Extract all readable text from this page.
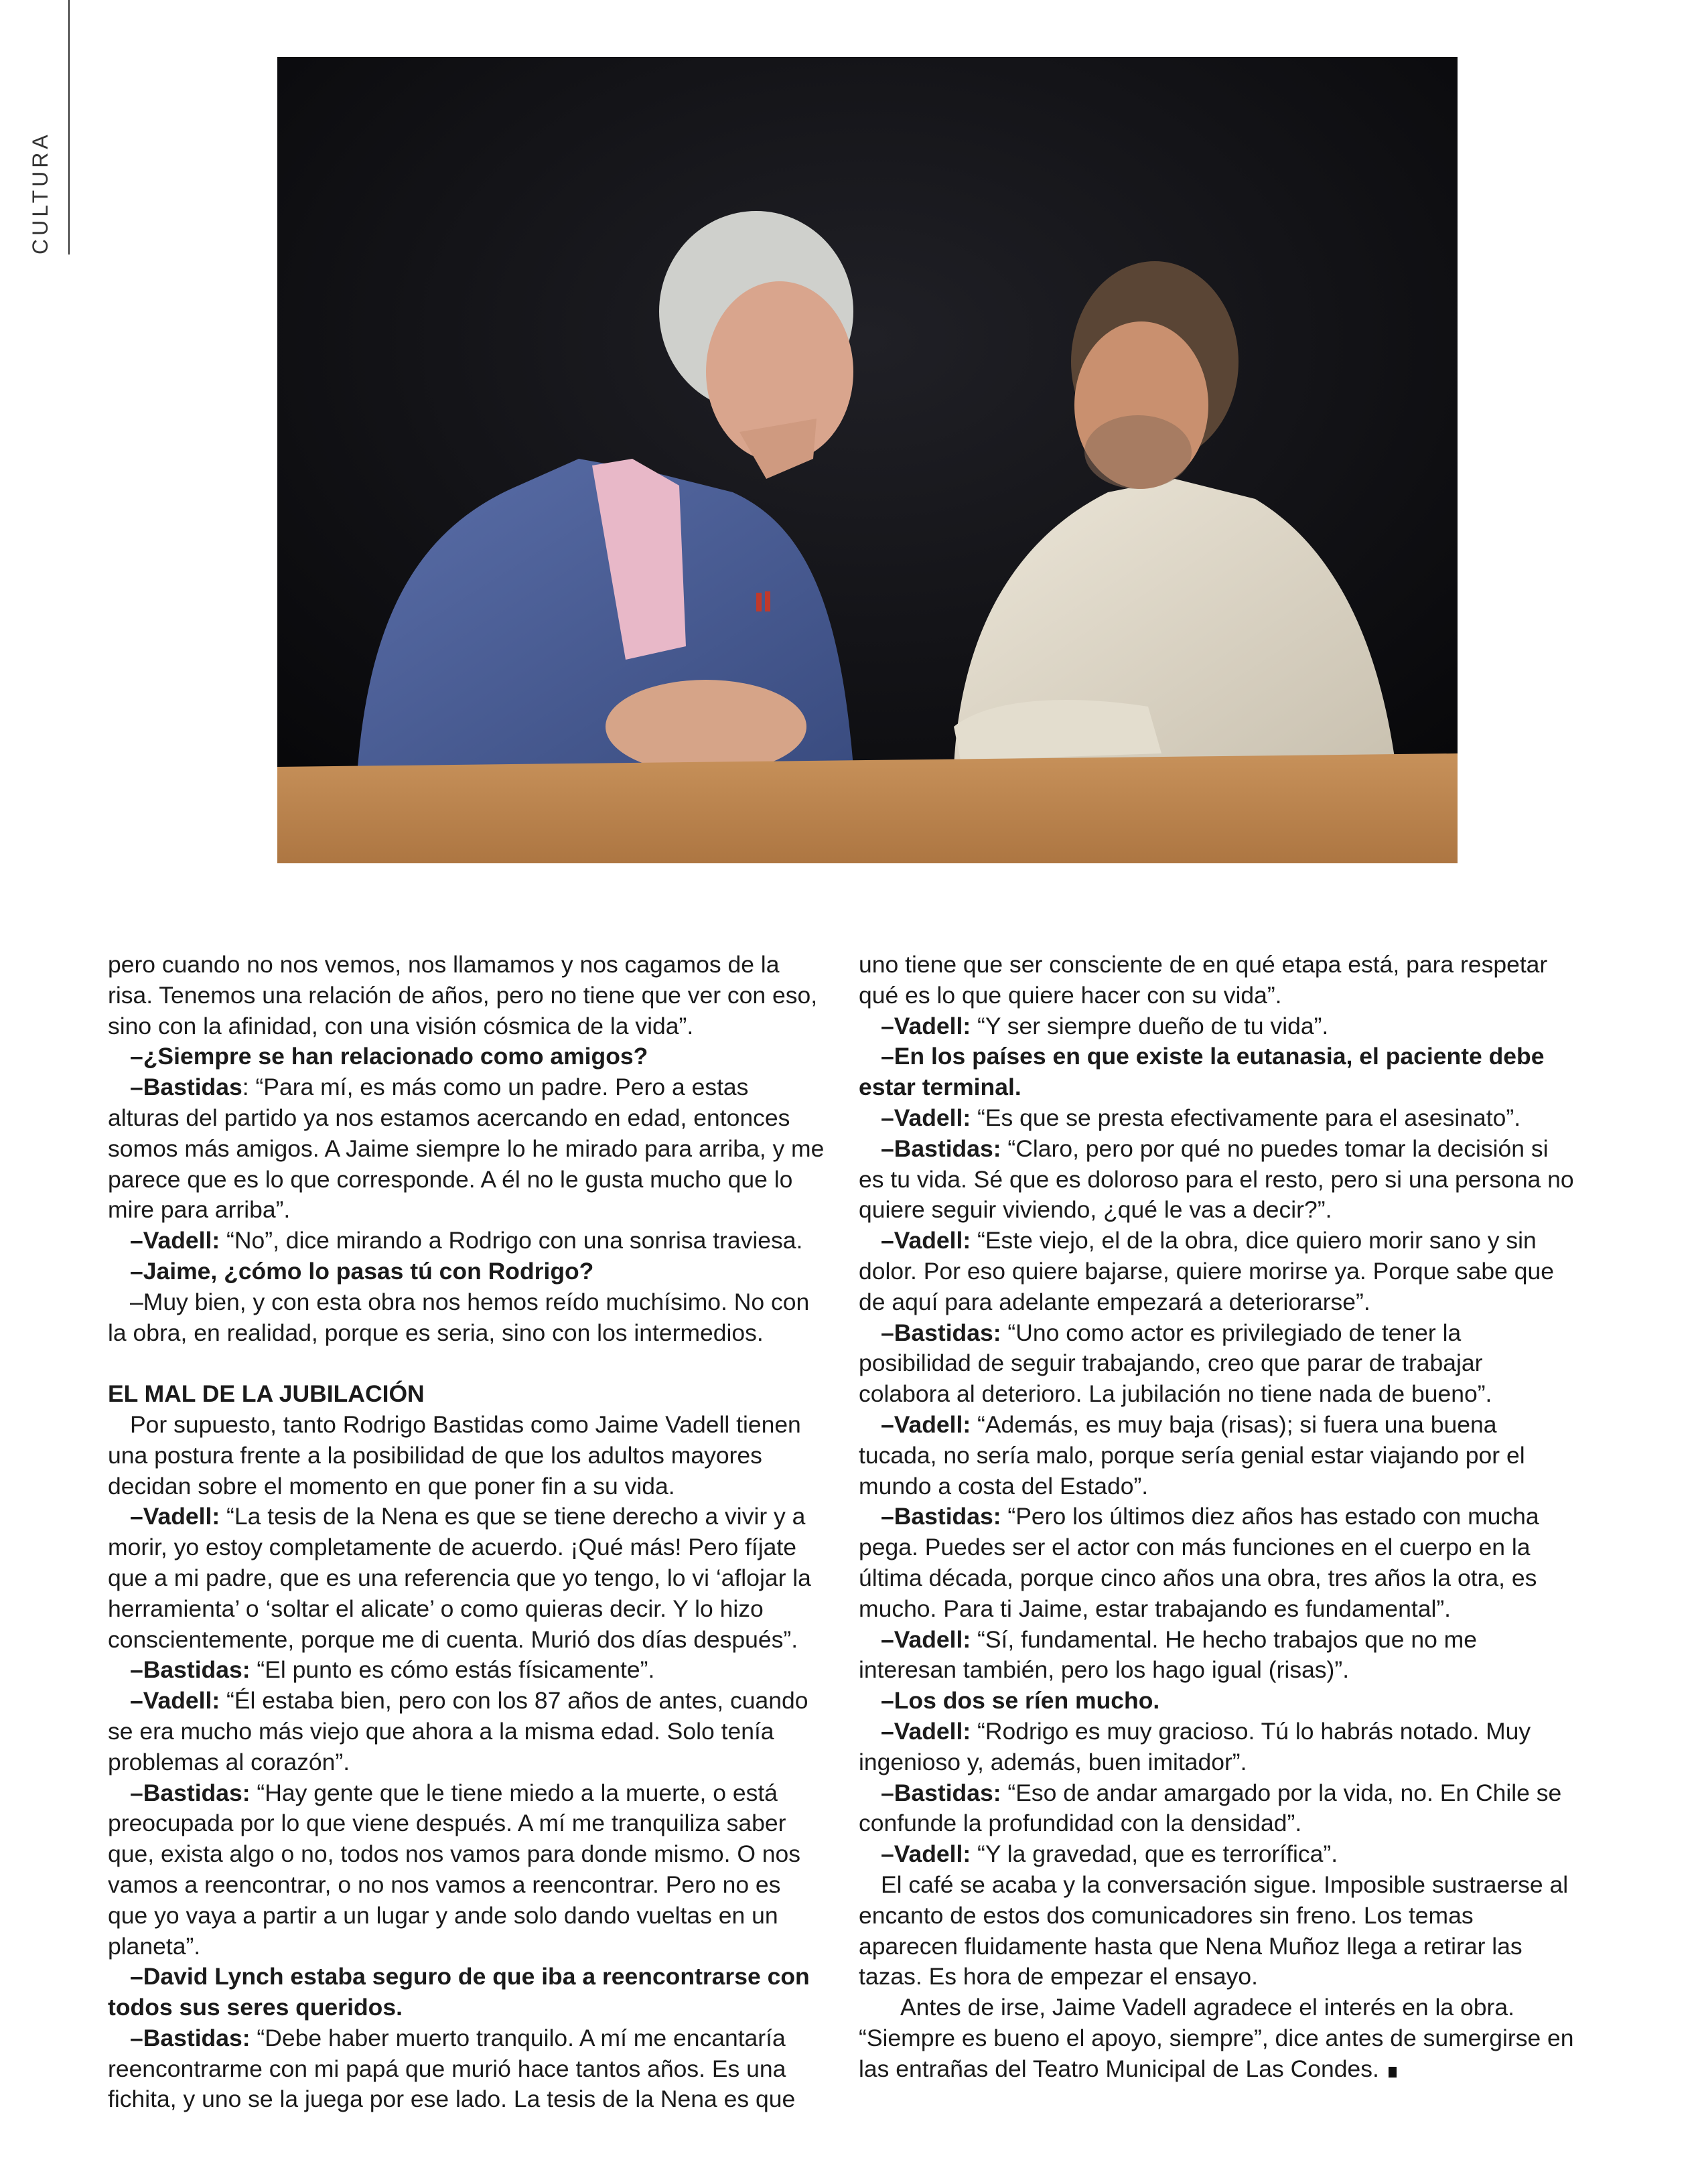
CULTURA

pero cuando no nos vemos, nos llamamos y nos cagamos de la risa. Tenemos una relación de años, pero no tiene que ver con eso, sino con la afinidad, con una visión cósmica de la vida”.

–¿Siempre se han relacionado como amigos?

–Bastidas: “Para mí, es más como un padre. Pero a estas alturas del partido ya nos estamos acercando en edad, entonces somos más amigos. A Jaime siempre lo he mirado para arriba, y me parece que es lo que corresponde. A él no le gusta mucho que lo mire para arriba”.

–Vadell: “No”, dice mirando a Rodrigo con una sonrisa traviesa.

–Jaime, ¿cómo lo pasas tú con Rodrigo?

–Muy bien, y con esta obra nos hemos reído muchísimo. No con la obra, en realidad, porque es seria, sino con los intermedios.

EL MAL DE LA JUBILACIÓN

Por supuesto, tanto Rodrigo Bastidas como Jaime Vadell tienen una postura frente a la posibilidad de que los adultos mayores decidan sobre el momento en que poner fin a su vida.

–Vadell: “La tesis de la Nena es que se tiene derecho a vivir y a morir, yo estoy completamente de acuerdo. ¡Qué más! Pero fíjate que a mi padre, que es una referencia que yo tengo, lo vi ‘aflojar la herramienta’ o ‘soltar el alicate’ o como quieras decir. Y lo hizo conscientemente, porque me di cuenta. Murió dos días después”.

–Bastidas: “El punto es cómo estás físicamente”.

–Vadell: “Él estaba bien, pero con los 87 años de antes, cuando se era mucho más viejo que ahora a la misma edad. Solo tenía problemas al corazón”.

–Bastidas: “Hay gente que le tiene miedo a la muerte, o está preocupada por lo que viene después. A mí me tranquiliza saber que, exista algo o no, todos nos vamos para donde mismo. O nos vamos a reencontrar, o no nos vamos a reencontrar. Pero no es que yo vaya a partir a un lugar y ande solo dando vueltas en un planeta”.

–David Lynch estaba seguro de que iba a reencontrarse con todos sus seres queridos.

–Bastidas: “Debe haber muerto tranquilo. A mí me encantaría reencontrarme con mi papá que murió hace tantos años. Es una fichita, y uno se la juega por ese lado. La tesis de la Nena es que

uno tiene que ser consciente de en qué etapa está, para respetar qué es lo que quiere hacer con su vida”.

–Vadell: “Y ser siempre dueño de tu vida”.

–En los países en que existe la eutanasia, el paciente debe estar terminal.

–Vadell: “Es que se presta efectivamente para el asesinato”.

–Bastidas: “Claro, pero por qué no puedes tomar la decisión si es tu vida. Sé que es doloroso para el resto, pero si una persona no quiere seguir viviendo, ¿qué le vas a decir?”.

–Vadell: “Este viejo, el de la obra, dice quiero morir sano y sin dolor. Por eso quiere bajarse, quiere morirse ya. Porque sabe que de aquí para adelante empezará a deteriorarse”.

–Bastidas: “Uno como actor es privilegiado de tener la posibilidad de seguir trabajando, creo que parar de trabajar colabora al deterioro. La jubilación no tiene nada de bueno”.

–Vadell: “Además, es muy baja (risas); si fuera una buena tucada, no sería malo, porque sería genial estar viajando por el mundo a costa del Estado”.

–Bastidas: “Pero los últimos diez años has estado con mucha pega. Puedes ser el actor con más funciones en el cuerpo en la última década, porque cinco años una obra, tres años la otra, es mucho. Para ti Jaime, estar trabajando es fundamental”.

–Vadell: “Sí, fundamental. He hecho trabajos que no me interesan también, pero los hago igual (risas)”.

–Los dos se ríen mucho.

–Vadell: “Rodrigo es muy gracioso. Tú lo habrás notado. Muy ingenioso y, además, buen imitador”.

–Bastidas: “Eso de andar amargado por la vida, no. En Chile se confunde la profundidad con la densidad”.

–Vadell: “Y la gravedad, que es terrorífica”.

El café se acaba y la conversación sigue. Imposible sustraerse al encanto de estos dos comunicadores sin freno. Los temas aparecen fluidamente hasta que Nena Muñoz llega a retirar las tazas. Es hora de empezar el ensayo.

Antes de irse, Jaime Vadell agradece el interés en la obra. “Siempre es bueno el apoyo, siempre”, dice antes de sumergirse en las entrañas del Teatro Municipal de Las Condes.
